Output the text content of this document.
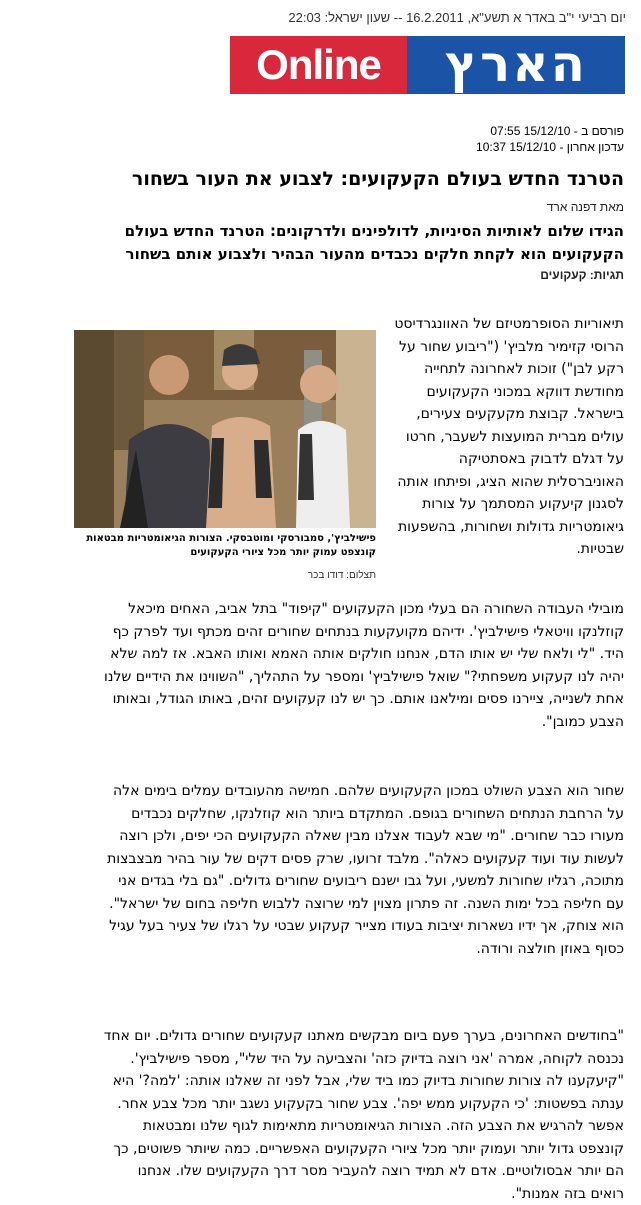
יום רביעי י"ב באדר א תשע"א, 16.2.2011 -- שעון ישראל: 22:03
Online	הארץ
פורסם ב - 15/12/10 07:55
עדכון אחרון - 15/12/10 10:37
הטרנד החדש בעולם הקעקועים: לצבוע את העור בשחור
מאת דפנה ארד
הגידו שלום לאותיות הסיניות, לדולפינים ולדרקונים: הטרנד החדש בעולם הקעקועים הוא לקחת חלקים נכבדים מהעור הבהיר ולצבוע אותם בשחור
תגיות: קעקועים
תיאוריות הסופרמטיזם של האוונגרדיסט הרוסי קזימיר מלביץ' ("ריבוע שחור על רקע לבן") זוכות לאחרונה לתחייה מחודשת דווקא במכוני הקעקועים בישראל. קבוצת מקעקעים צעירים, עולים מברית המועצות לשעבר, חרטו על דגלם לדבוק באסתטיקה האוניברסלית שהוא הציג, ופיתחו אותה לסגנון קיעקוע המסתמך על צורות גיאומטריות גדולות ושחורות, בהשפעות שבטיות.
פישילביץ', סמבורסקי ומוטבסקי. הצורות הגיאומטריות מבטאות קונצפט עמוק יותר מכל ציורי הקעקועים
תצלום: דודו בכר
מובילי העבודה השחורה הם בעלי מכון הקעקועים "קיפוד" בתל אביב, האחים מיכאל קוזלנקו וויטאלי פישילביץ'. ידיהם מקועקעות בנתחים שחורים זהים מכתף ועד לפרק כף היד. "לי ולאח שלי יש אותו הדם, אנחנו חולקים אותה האמא ואותו האבא. אז למה שלא יהיה לנו קעקוע משפחתי?" שואל פישילביץ' ומספר על התהליך, "השווינו את הידיים שלנו אחת לשנייה, ציירנו פסים ומילאנו אותם. כך יש לנו קעקועים זהים, באותו הגודל, ובאותו הצבע כמובן".
שחור הוא הצבע השולט במכון הקעקועים שלהם. חמישה מהעובדים עמלים בימים אלה על הרחבת הנתחים השחורים בגופם. המתקדם ביותר הוא קוזלנקו, שחלקים נכבדים מעורו כבר שחורים. "מי שבא לעבוד אצלנו מבין שאלה הקעקועים הכי יפים, ולכן רוצה לעשות עוד ועוד קעקועים כאלה". מלבד זרועו, שרק פסים דקים של עור בהיר מבצבצות מתוכה, רגליו שחורות למשעי, ועל גבו ישנם ריבועים שחורים גדולים. "גם בלי בגדים אני עם חליפה בכל ימות השנה. זה פתרון מצוין למי שרוצה ללבוש חליפה בחום של ישראל". הוא צוחק, אך ידיו נשארות יציבות בעודו מצייר קעקוע שבטי על רגלו של צעיר בעל עגיל כסוף באוזן חולצה ורודה.
"בחודשים האחרונים, בערך פעם ביום מבקשים מאתנו קעקועים שחורים גדולים. יום אחד נכנסה לקוחה, אמרה 'אני רוצה בדיוק כזה' והצביעה על היד שלי", מספר פישילביץ'. "קיעקענו לה צורות שחורות בדיוק כמו ביד שלי, אבל לפני זה שאלנו אותה: 'למה?' היא ענתה בפשטות: 'כי הקעקוע ממש יפה'. צבע שחור בקעקוע נשגב יותר מכל צבע אחר. אפשר להרגיש את הצבע הזה. הצורות הגיאומטריות מתאימות לגוף שלנו ומבטאות קונצפט גדול יותר ועמוק יותר מכל ציורי הקעקועים האפשריים. כמה שיותר פשוטים, כך הם יותר אבסולוטיים. אדם לא תמיד רוצה להעביר מסר דרך הקעקועים שלו. אנחנו רואים בזה אמנות".
